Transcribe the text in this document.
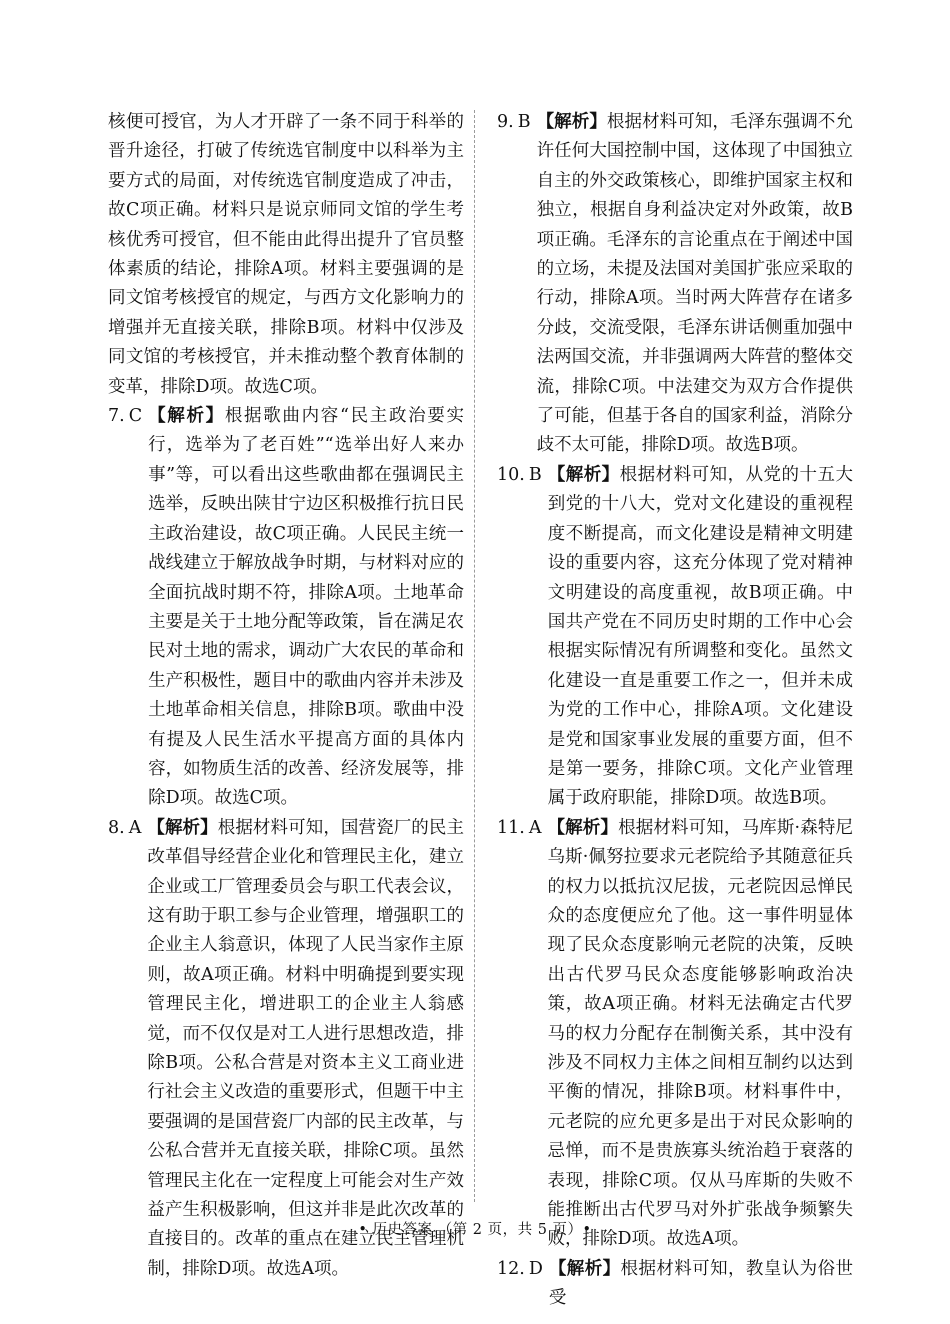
核便可授官，为人才开辟了一条不同于科举的晋升途径，打破了传统选官制度中以科举为主要方式的局面，对传统选官制度造成了冲击，故C项正确。材料只是说京师同文馆的学生考核优秀可授官，但不能由此得出提升了官员整体素质的结论，排除A项。材料主要强调的是同文馆考核授官的规定，与西方文化影响力的增强并无直接关联，排除B项。材料中仅涉及同文馆的考核授官，并未推动整个教育体制的变革，排除D项。故选C项。

7. C 【解析】根据歌曲内容“民主政治要实行，选举为了老百姓”“选举出好人来办事”等，可以看出这些歌曲都在强调民主选举，反映出陕甘宁边区积极推行抗日民主政治建设，故C项正确。人民民主统一战线建立于解放战争时期，与材料对应的全面抗战时期不符，排除A项。土地革命主要是关于土地分配等政策，旨在满足农民对土地的需求，调动广大农民的革命和生产积极性，题目中的歌曲内容并未涉及土地革命相关信息，排除B项。歌曲中没有提及人民生活水平提高方面的具体内容，如物质生活的改善、经济发展等，排除D项。故选C项。
8. A 【解析】根据材料可知，国营瓷厂的民主改革倡导经营企业化和管理民主化，建立企业或工厂管理委员会与职工代表会议，这有助于职工参与企业管理，增强职工的企业主人翁意识，体现了人民当家作主原则，故A项正确。材料中明确提到要实现管理民主化，增进职工的企业主人翁感觉，而不仅仅是对工人进行思想改造，排除B项。公私合营是对资本主义工商业进行社会主义改造的重要形式，但题干中主要强调的是国营瓷厂内部的民主改革，与公私合营并无直接关联，排除C项。虽然管理民主化在一定程度上可能会对生产效益产生积极影响，但这并非是此次改革的直接目的。改革的重点在建立民主管理机制，排除D项。故选A项。
9. B 【解析】根据材料可知，毛泽东强调不允许任何大国控制中国，这体现了中国独立自主的外交政策核心，即维护国家主权和独立，根据自身利益决定对外政策，故B项正确。毛泽东的言论重点在于阐述中国的立场，未提及法国对美国扩张应采取的行动，排除A项。当时两大阵营存在诸多分歧，交流受限，毛泽东讲话侧重加强中法两国交流，并非强调两大阵营的整体交流，排除C项。中法建交为双方合作提供了可能，但基于各自的国家利益，消除分歧不太可能，排除D项。故选B项。
10. B 【解析】根据材料可知，从党的十五大到党的十八大，党对文化建设的重视程度不断提高，而文化建设是精神文明建设的重要内容，这充分体现了党对精神文明建设的高度重视，故B项正确。中国共产党在不同历史时期的工作中心会根据实际情况有所调整和变化。虽然文化建设一直是重要工作之一，但并未成为党的工作中心，排除A项。文化建设是党和国家事业发展的重要方面，但不是第一要务，排除C项。文化产业管理属于政府职能，排除D项。故选B项。
11. A 【解析】根据材料可知，马库斯·森特尼乌斯·佩努拉要求元老院给予其随意征兵的权力以抵抗汉尼拔，元老院因忌惮民众的态度便应允了他。这一事件明显体现了民众态度影响元老院的决策，反映出古代罗马民众态度能够影响政治决策，故A项正确。材料无法确定古代罗马的权力分配存在制衡关系，其中没有涉及不同权力主体之间相互制约以达到平衡的情况，排除B项。材料事件中，元老院的应允更多是出于对民众影响的忌惮，而不是贵族寡头统治趋于衰落的表现，排除C项。仅从马库斯的失败不能推断出古代罗马对外扩张战争频繁失败，排除D项。故选A项。
12. D 【解析】根据材料可知，教皇认为俗世受
• 历史答案 （第 2 页，共 5 页）•
